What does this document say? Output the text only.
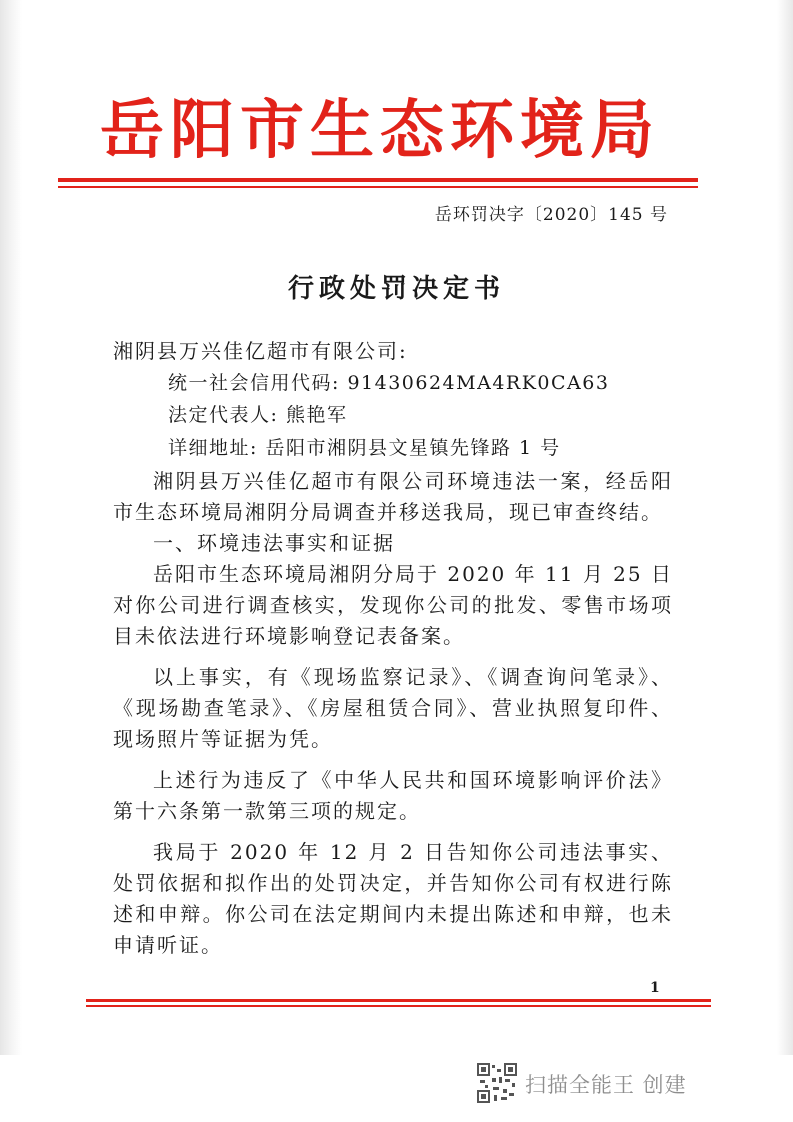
岳阳市生态环境局
岳环罚决字〔2020〕145 号
行政处罚决定书

湘阴县万兴佳亿超市有限公司:

统一社会信用代码: 91430624MA4RK0CA63
法定代表人: 熊艳军
详细地址: 岳阳市湘阴县文星镇先锋路 1 号

湘阴县万兴佳亿超市有限公司环境违法一案，经岳阳市生态环境局湘阴分局调查并移送我局，现已审查终结。

一、环境违法事实和证据

岳阳市生态环境局湘阴分局于 2020 年 11 月 25 日对你公司进行调查核实，发现你公司的批发、零售市场项目未依法进行环境影响登记表备案。

以上事实，有《现场监察记录》、《调查询问笔录》、《现场勘查笔录》、《房屋租赁合同》、营业执照复印件、现场照片等证据为凭。

上述行为违反了《中华人民共和国环境影响评价法》第十六条第一款第三项的规定。

我局于 2020 年 12 月 2 日告知你公司违法事实、处罚依据和拟作出的处罚决定，并告知你公司有权进行陈述和申辩。你公司在法定期间内未提出陈述和申辩，也未申请听证。

1
扫描全能王 创建
